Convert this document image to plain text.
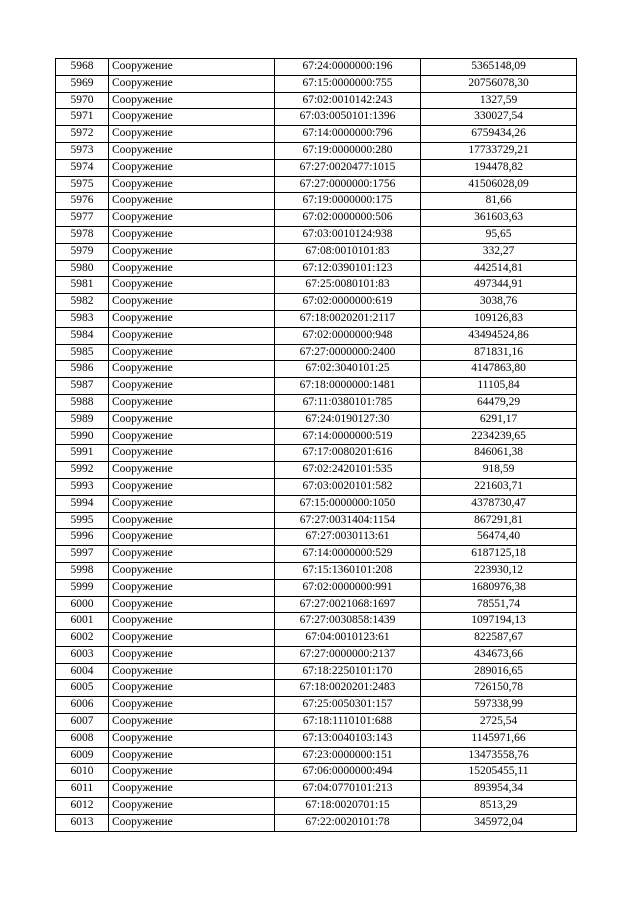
5968	Сооружение	67:24:0000000:196	5365148,09
5969	Сооружение	67:15:0000000:755	20756078,30
5970	Сооружение	67:02:0010142:243	1327,59
5971	Сооружение	67:03:0050101:1396	330027,54
5972	Сооружение	67:14:0000000:796	6759434,26
5973	Сооружение	67:19:0000000:280	17733729,21
5974	Сооружение	67:27:0020477:1015	194478,82
5975	Сооружение	67:27:0000000:1756	41506028,09
5976	Сооружение	67:19:0000000:175	81,66
5977	Сооружение	67:02:0000000:506	361603,63
5978	Сооружение	67:03:0010124:938	95,65
5979	Сооружение	67:08:0010101:83	332,27
5980	Сооружение	67:12:0390101:123	442514,81
5981	Сооружение	67:25:0080101:83	497344,91
5982	Сооружение	67:02:0000000:619	3038,76
5983	Сооружение	67:18:0020201:2117	109126,83
5984	Сооружение	67:02:0000000:948	43494524,86
5985	Сооружение	67:27:0000000:2400	871831,16
5986	Сооружение	67:02:3040101:25	4147863,80
5987	Сооружение	67:18:0000000:1481	11105,84
5988	Сооружение	67:11:0380101:785	64479,29
5989	Сооружение	67:24:0190127:30	6291,17
5990	Сооружение	67:14:0000000:519	2234239,65
5991	Сооружение	67:17:0080201:616	846061,38
5992	Сооружение	67:02:2420101:535	918,59
5993	Сооружение	67:03:0020101:582	221603,71
5994	Сооружение	67:15:0000000:1050	4378730,47
5995	Сооружение	67:27:0031404:1154	867291,81
5996	Сооружение	67:27:0030113:61	56474,40
5997	Сооружение	67:14:0000000:529	6187125,18
5998	Сооружение	67:15:1360101:208	223930,12
5999	Сооружение	67:02:0000000:991	1680976,38
6000	Сооружение	67:27:0021068:1697	78551,74
6001	Сооружение	67:27:0030858:1439	1097194,13
6002	Сооружение	67:04:0010123:61	822587,67
6003	Сооружение	67:27:0000000:2137	434673,66
6004	Сооружение	67:18:2250101:170	289016,65
6005	Сооружение	67:18:0020201:2483	726150,78
6006	Сооружение	67:25:0050301:157	597338,99
6007	Сооружение	67:18:1110101:688	2725,54
6008	Сооружение	67:13:0040103:143	1145971,66
6009	Сооружение	67:23:0000000:151	13473558,76
6010	Сооружение	67:06:0000000:494	15205455,11
6011	Сооружение	67:04:0770101:213	893954,34
6012	Сооружение	67:18:0020701:15	8513,29
6013	Сооружение	67:22:0020101:78	345972,04
